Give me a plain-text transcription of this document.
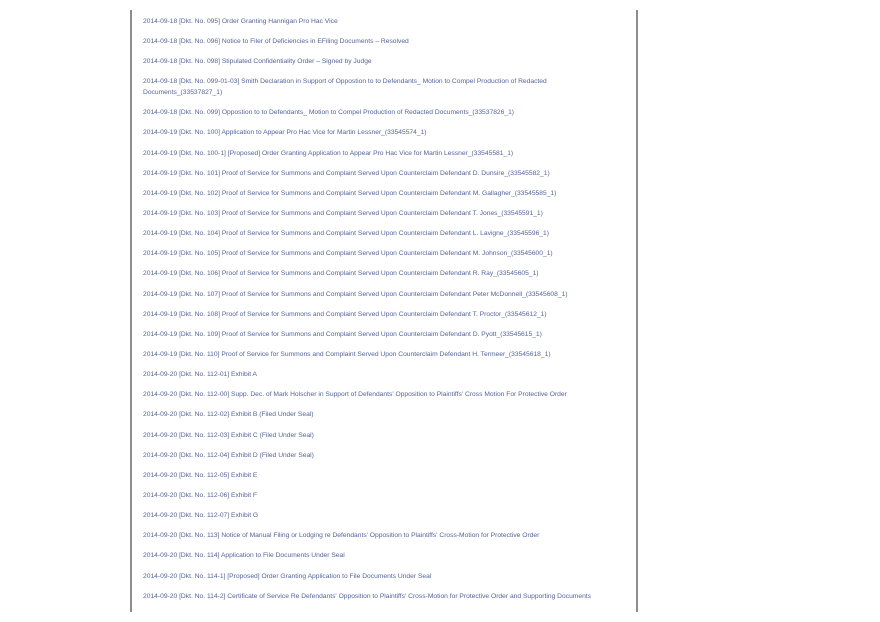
2014-09-18 [Dkt. No. 095] Order Granting Hannigan Pro Hac Vice
2014-09-18 [Dkt. No. 096] Notice to Filer of Deficiencies in EFiling Documents – Resolved
2014-09-18 [Dkt. No. 098] Stipulated Confidentiality Order – Signed by Judge
2014-09-18 [Dkt. No. 099-01-03] Smith Declaration in Support of Oppostion to to Defendants_ Motion to Compel Production of Redacted Documents_(33537827_1)
2014-09-18 [Dkt. No. 099] Oppostion to to Defendants_ Motion to Compel Production of Redacted Documents_(33537826_1)
2014-09-19 [Dkt. No. 100] Application to Appear Pro Hac Vice for Martin Lessner_(33545574_1)
2014-09-19 [Dkt. No. 100-1] [Proposed] Order Granting Application to Appear Pro Hac Vice for Martin Lessner_(33545581_1)
2014-09-19 [Dkt. No. 101] Proof of Service for Summons and Complaint Served Upon Counterclaim Defendant D. Dunsire_(33545582_1)
2014-09-19 [Dkt. No. 102] Proof of Service for Summons and Complaint Served Upon Counterclaim Defendant M. Gallagher_(33545585_1)
2014-09-19 [Dkt. No. 103] Proof of Service for Summons and Complaint Served Upon Counterclaim Defendant T. Jones_(33545591_1)
2014-09-19 [Dkt. No. 104] Proof of Service for Summons and Complaint Served Upon Counterclaim Defendant L. Lavigne_(33545596_1)
2014-09-19 [Dkt. No. 105] Proof of Service for Summons and Complaint Served Upon Counterclaim Defendant M. Johnson_(33545600_1)
2014-09-19 [Dkt. No. 106] Proof of Service for Summons and Complaint Served Upon Counterclaim Defendant R. Ray_(33545605_1)
2014-09-19 [Dkt. No. 107] Proof of Service for Summons and Complaint Served Upon Counterclaim Defendant Peter McDonnell_(33545608_1)
2014-09-19 [Dkt. No. 108] Proof of Service for Summons and Complaint Served Upon Counterclaim Defendant T. Proctor_(33545612_1)
2014-09-19 [Dkt. No. 109] Proof of Service for Summons and Complaint Served Upon Counterclaim Defendant D. Pyott_(33545615_1)
2014-09-19 [Dkt. No. 110] Proof of Service for Summons and Complaint Served Upon Counterclaim Defendant H. Termeer_(33545618_1)
2014-09-20 [Dkt. No. 112-01] Exhibit A
2014-09-20 [Dkt. No. 112-00] Supp. Dec. of Mark Holscher in Support of Defendants' Opposition to Plaintiffs' Cross Motion For Protective Order
2014-09-20 [Dkt. No. 112-02] Exhibit B (Filed Under Seal)
2014-09-20 [Dkt. No. 112-03] Exhibit C (Filed Under Seal)
2014-09-20 [Dkt. No. 112-04] Exhibit D (Filed Under Seal)
2014-09-20 [Dkt. No. 112-05] Exhibit E
2014-09-20 [Dkt. No. 112-06] Exhibit F
2014-09-20 [Dkt. No. 112-07] Exhibit G
2014-09-20 [Dkt. No. 113] Notice of Manual Filing or Lodging re Defendants' Opposition to Plaintiffs' Cross-Motion for Protective Order
2014-09-20 [Dkt. No. 114] Application to File Documents Under Seal
2014-09-20 [Dkt. No. 114-1] [Proposed] Order Granting Application to File Documents Under Seal
2014-09-20 [Dkt. No. 114-2] Certificate of Service Re Defendants' Opposition to Plaintiffs' Cross-Motion for Protective Order and Supporting Documents
